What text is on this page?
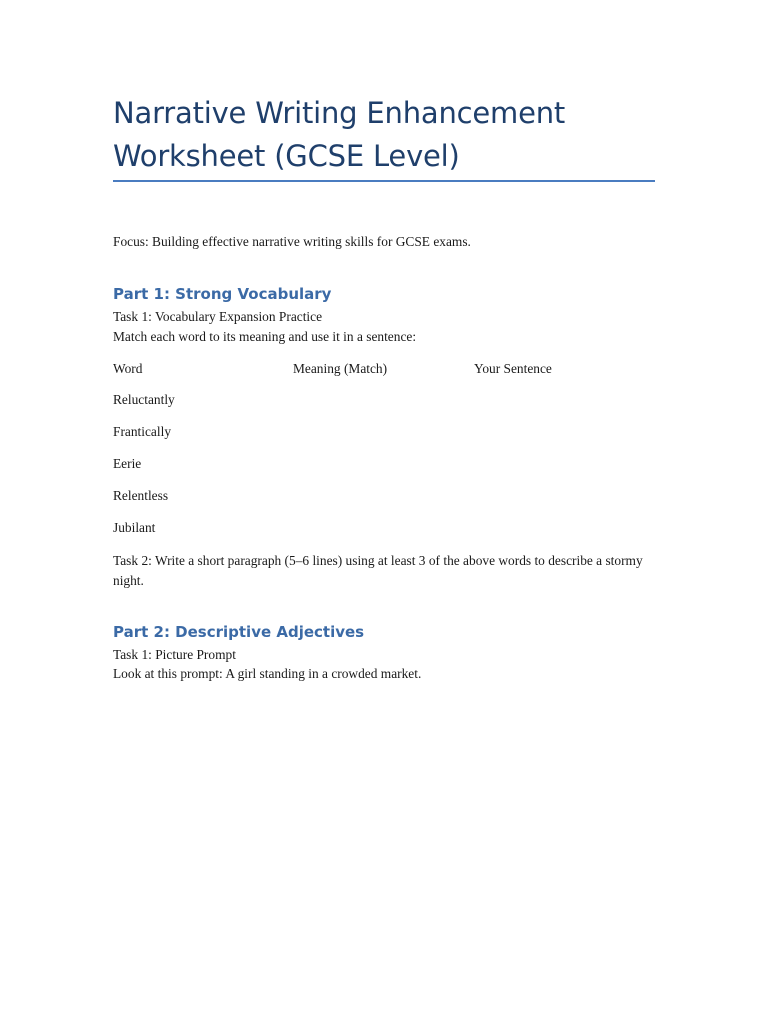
Narrative Writing Enhancement Worksheet (GCSE Level)
Focus: Building effective narrative writing skills for GCSE exams.
Part 1: Strong Vocabulary
Task 1: Vocabulary Expansion Practice
Match each word to its meaning and use it in a sentence:
Word	Meaning (Match)	Your Sentence
Reluctantly
Frantically
Eerie
Relentless
Jubilant
Task 2: Write a short paragraph (5–6 lines) using at least 3 of the above words to describe a stormy night.
Part 2: Descriptive Adjectives
Task 1: Picture Prompt
Look at this prompt: A girl standing in a crowded market.
